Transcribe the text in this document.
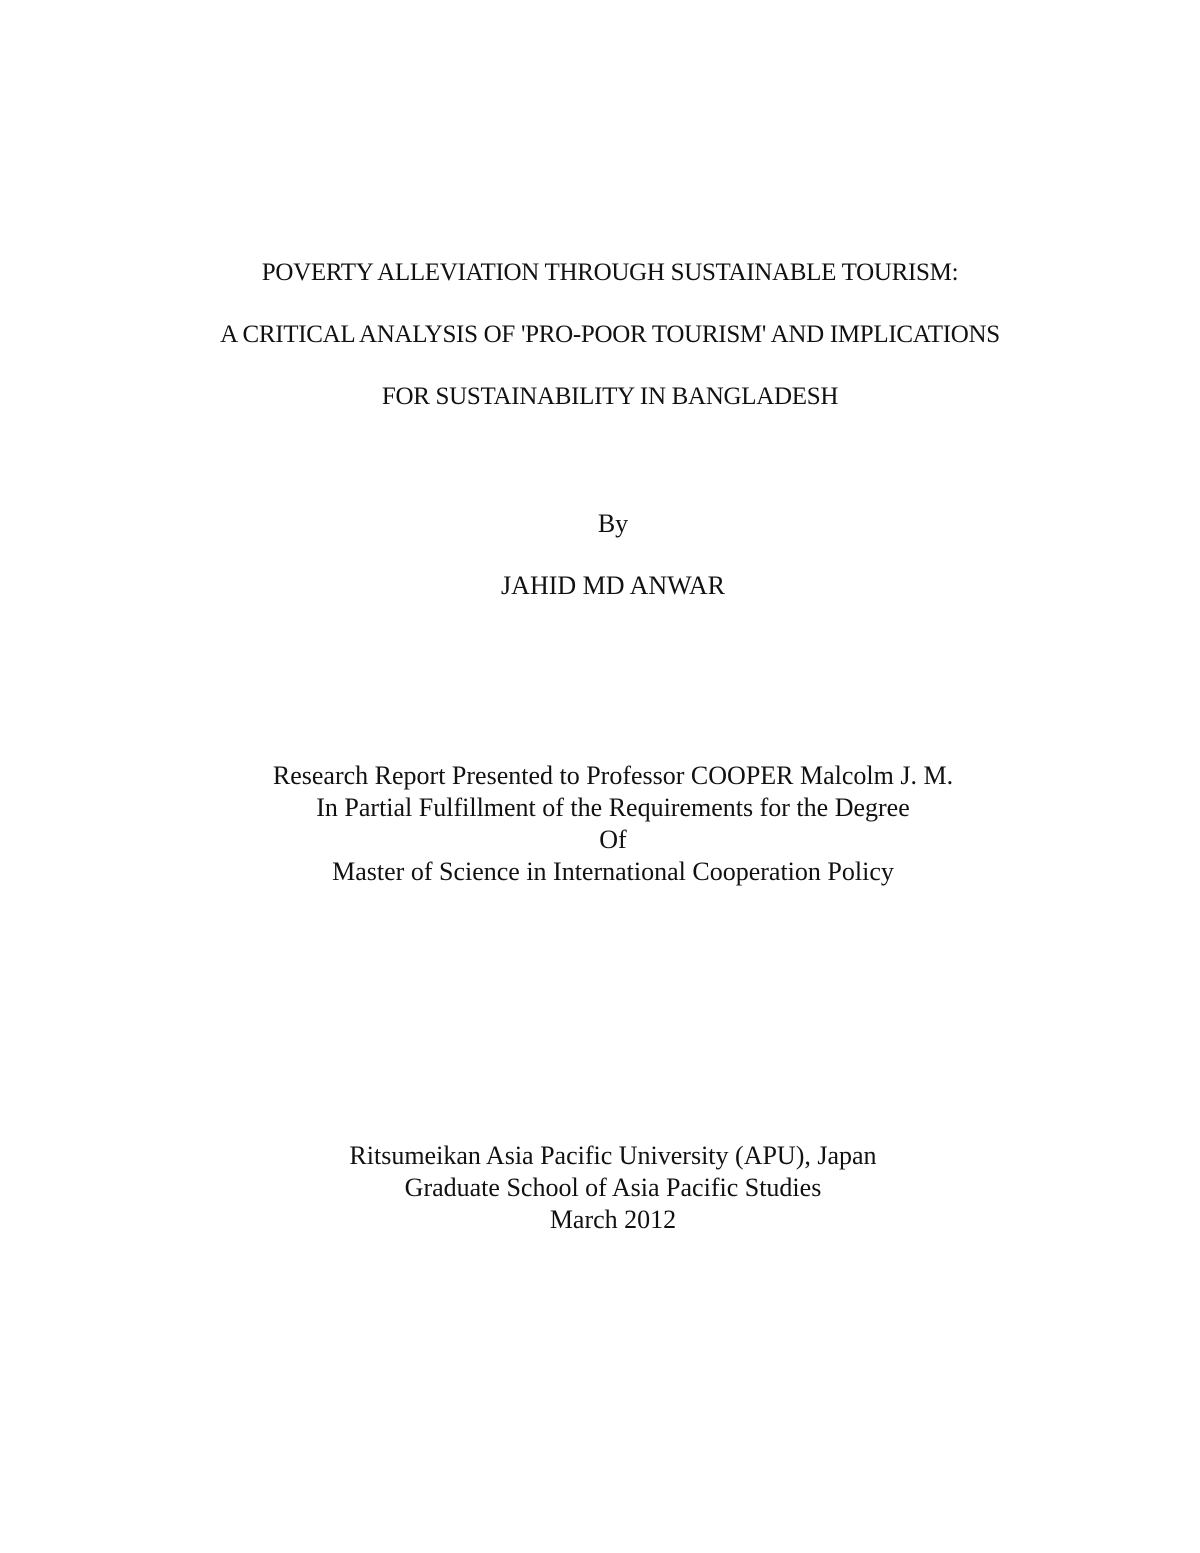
POVERTY ALLEVIATION THROUGH SUSTAINABLE TOURISM:
A CRITICAL ANALYSIS OF 'PRO-POOR TOURISM' AND IMPLICATIONS
FOR SUSTAINABILITY IN BANGLADESH
By
JAHID MD ANWAR
Research Report Presented to Professor COOPER Malcolm J. M.
In Partial Fulfillment of the Requirements for the Degree
Of
Master of Science in International Cooperation Policy
Ritsumeikan Asia Pacific University (APU), Japan
Graduate School of Asia Pacific Studies
March 2012
